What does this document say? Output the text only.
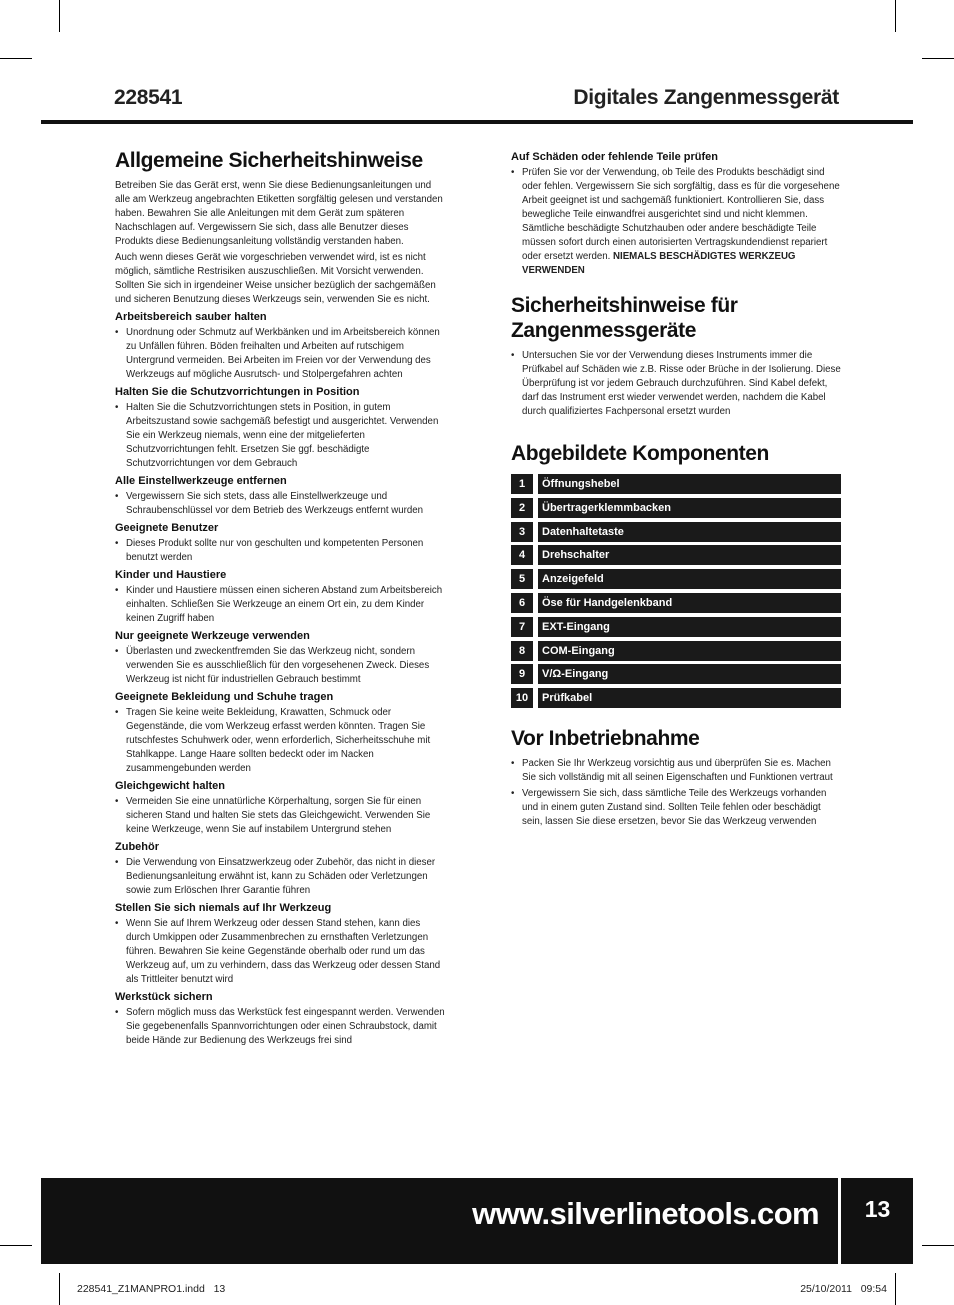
228541	Digitales Zangenmessgerät
Allgemeine Sicherheitshinweise

Betreiben Sie das Gerät erst, wenn Sie diese Bedienungsanleitungen und alle am Werkzeug angebrachten Etiketten sorgfältig gelesen und verstanden haben. Bewahren Sie alle Anleitungen mit dem Gerät zum späteren Nachschlagen auf. Vergewissern Sie sich, dass alle Benutzer dieses Produkts diese Bedienungsanleitung vollständig verstanden haben.

Auch wenn dieses Gerät wie vorgeschrieben verwendet wird, ist es nicht möglich, sämtliche Restrisiken auszuschließen. Mit Vorsicht verwenden. Sollten Sie sich in irgendeiner Weise unsicher bezüglich der sachgemäßen und sicheren Benutzung dieses Werkzeugs sein, verwenden Sie es nicht.

Arbeitsbereich sauber halten
• Unordnung oder Schmutz auf Werkbänken und im Arbeitsbereich können zu Unfällen führen. Böden freihalten und Arbeiten auf rutschigem Untergrund vermeiden. Bei Arbeiten im Freien vor der Verwendung des Werkzeugs auf mögliche Ausrutsch- und Stolpergefahren achten
Halten Sie die Schutzvorrichtungen in Position
• Halten Sie die Schutzvorrichtungen stets in Position, in gutem Arbeitszustand sowie sachgemäß befestigt und ausgerichtet. Verwenden Sie ein Werkzeug niemals, wenn eine der mitgelieferten Schutzvorrichtungen fehlt. Ersetzen Sie ggf. beschädigte Schutzvorrichtungen vor dem Gebrauch
Alle Einstellwerkzeuge entfernen
• Vergewissern Sie sich stets, dass alle Einstellwerkzeuge und Schraubenschlüssel vor dem Betrieb des Werkzeugs entfernt wurden
Geeignete Benutzer
• Dieses Produkt sollte nur von geschulten und kompetenten Personen benutzt werden
Kinder und Haustiere
• Kinder und Haustiere müssen einen sicheren Abstand zum Arbeitsbereich einhalten. Schließen Sie Werkzeuge an einem Ort ein, zu dem Kinder keinen Zugriff haben
Nur geeignete Werkzeuge verwenden
• Überlasten und zweckentfremden Sie das Werkzeug nicht, sondern verwenden Sie es ausschließlich für den vorgesehenen Zweck. Dieses Werkzeug ist nicht für industriellen Gebrauch bestimmt
Geeignete Bekleidung und Schuhe tragen
• Tragen Sie keine weite Bekleidung, Krawatten, Schmuck oder Gegenstände, die vom Werkzeug erfasst werden könnten. Tragen Sie rutschfestes Schuhwerk oder, wenn erforderlich, Sicherheitsschuhe mit Stahlkappe. Lange Haare sollten bedeckt oder im Nacken zusammengebunden werden
Gleichgewicht halten
• Vermeiden Sie eine unnatürliche Körperhaltung, sorgen Sie für einen sicheren Stand und halten Sie stets das Gleichgewicht. Verwenden Sie keine Werkzeuge, wenn Sie auf instabilem Untergrund stehen
Zubehör
• Die Verwendung von Einsatzwerkzeug oder Zubehör, das nicht in dieser Bedienungsanleitung erwähnt ist, kann zu Schäden oder Verletzungen sowie zum Erlöschen Ihrer Garantie führen
Stellen Sie sich niemals auf Ihr Werkzeug
• Wenn Sie auf Ihrem Werkzeug oder dessen Stand stehen, kann dies durch Umkippen oder Zusammenbrechen zu ernsthaften Verletzungen führen. Bewahren Sie keine Gegenstände oberhalb oder rund um das Werkzeug auf, um zu verhindern, dass das Werkzeug oder dessen Stand als Trittleiter benutzt wird
Werkstück sichern
• Sofern möglich muss das Werkstück fest eingespannt werden. Verwenden Sie gegebenenfalls Spannvorrichtungen oder einen Schraubstock, damit beide Hände zur Bedienung des Werkzeugs frei sind
Auf Schäden oder fehlende Teile prüfen
• Prüfen Sie vor der Verwendung, ob Teile des Produkts beschädigt sind oder fehlen. Vergewissern Sie sich sorgfältig, dass es für die vorgesehene Arbeit geeignet ist und sachgemäß funktioniert. Kontrollieren Sie, dass bewegliche Teile einwandfrei ausgerichtet sind und nicht klemmen. Sämtliche beschädigte Schutzhauben oder andere beschädigte Teile müssen sofort durch einen autorisierten Vertragskundendienst repariert oder ersetzt werden. NIEMALS BESCHÄDIGTES WERKZEUG VERWENDEN
Sicherheitshinweise für Zangenmessgeräte
• Untersuchen Sie vor der Verwendung dieses Instruments immer die Prüfkabel auf Schäden wie z.B. Risse oder Brüche in der Isolierung. Diese Überprüfung ist vor jedem Gebrauch durchzuführen. Sind Kabel defekt, darf das Instrument erst wieder verwendet werden, nachdem die Kabel durch qualifiziertes Fachpersonal ersetzt wurden
Abgebildete Komponenten
1	Öffnungshebel
2	Übertragerklemmbacken
3	Datenhaltetaste
4	Drehschalter
5	Anzeigefeld
6	Öse für Handgelenkband
7	EXT-Eingang
8	COM-Eingang
9	V/Ω-Eingang
10	Prüfkabel
Vor Inbetriebnahme
• Packen Sie Ihr Werkzeug vorsichtig aus und überprüfen Sie es. Machen Sie sich vollständig mit all seinen Eigenschaften und Funktionen vertraut
• Vergewissern Sie sich, dass sämtliche Teile des Werkzeugs vorhanden und in einem guten Zustand sind. Sollten Teile fehlen oder beschädigt sein, lassen Sie diese ersetzen, bevor Sie das Werkzeug verwenden
www.silverlinetools.com	13
228541_Z1MANPRO1.indd   13	25/10/2011   09:54
